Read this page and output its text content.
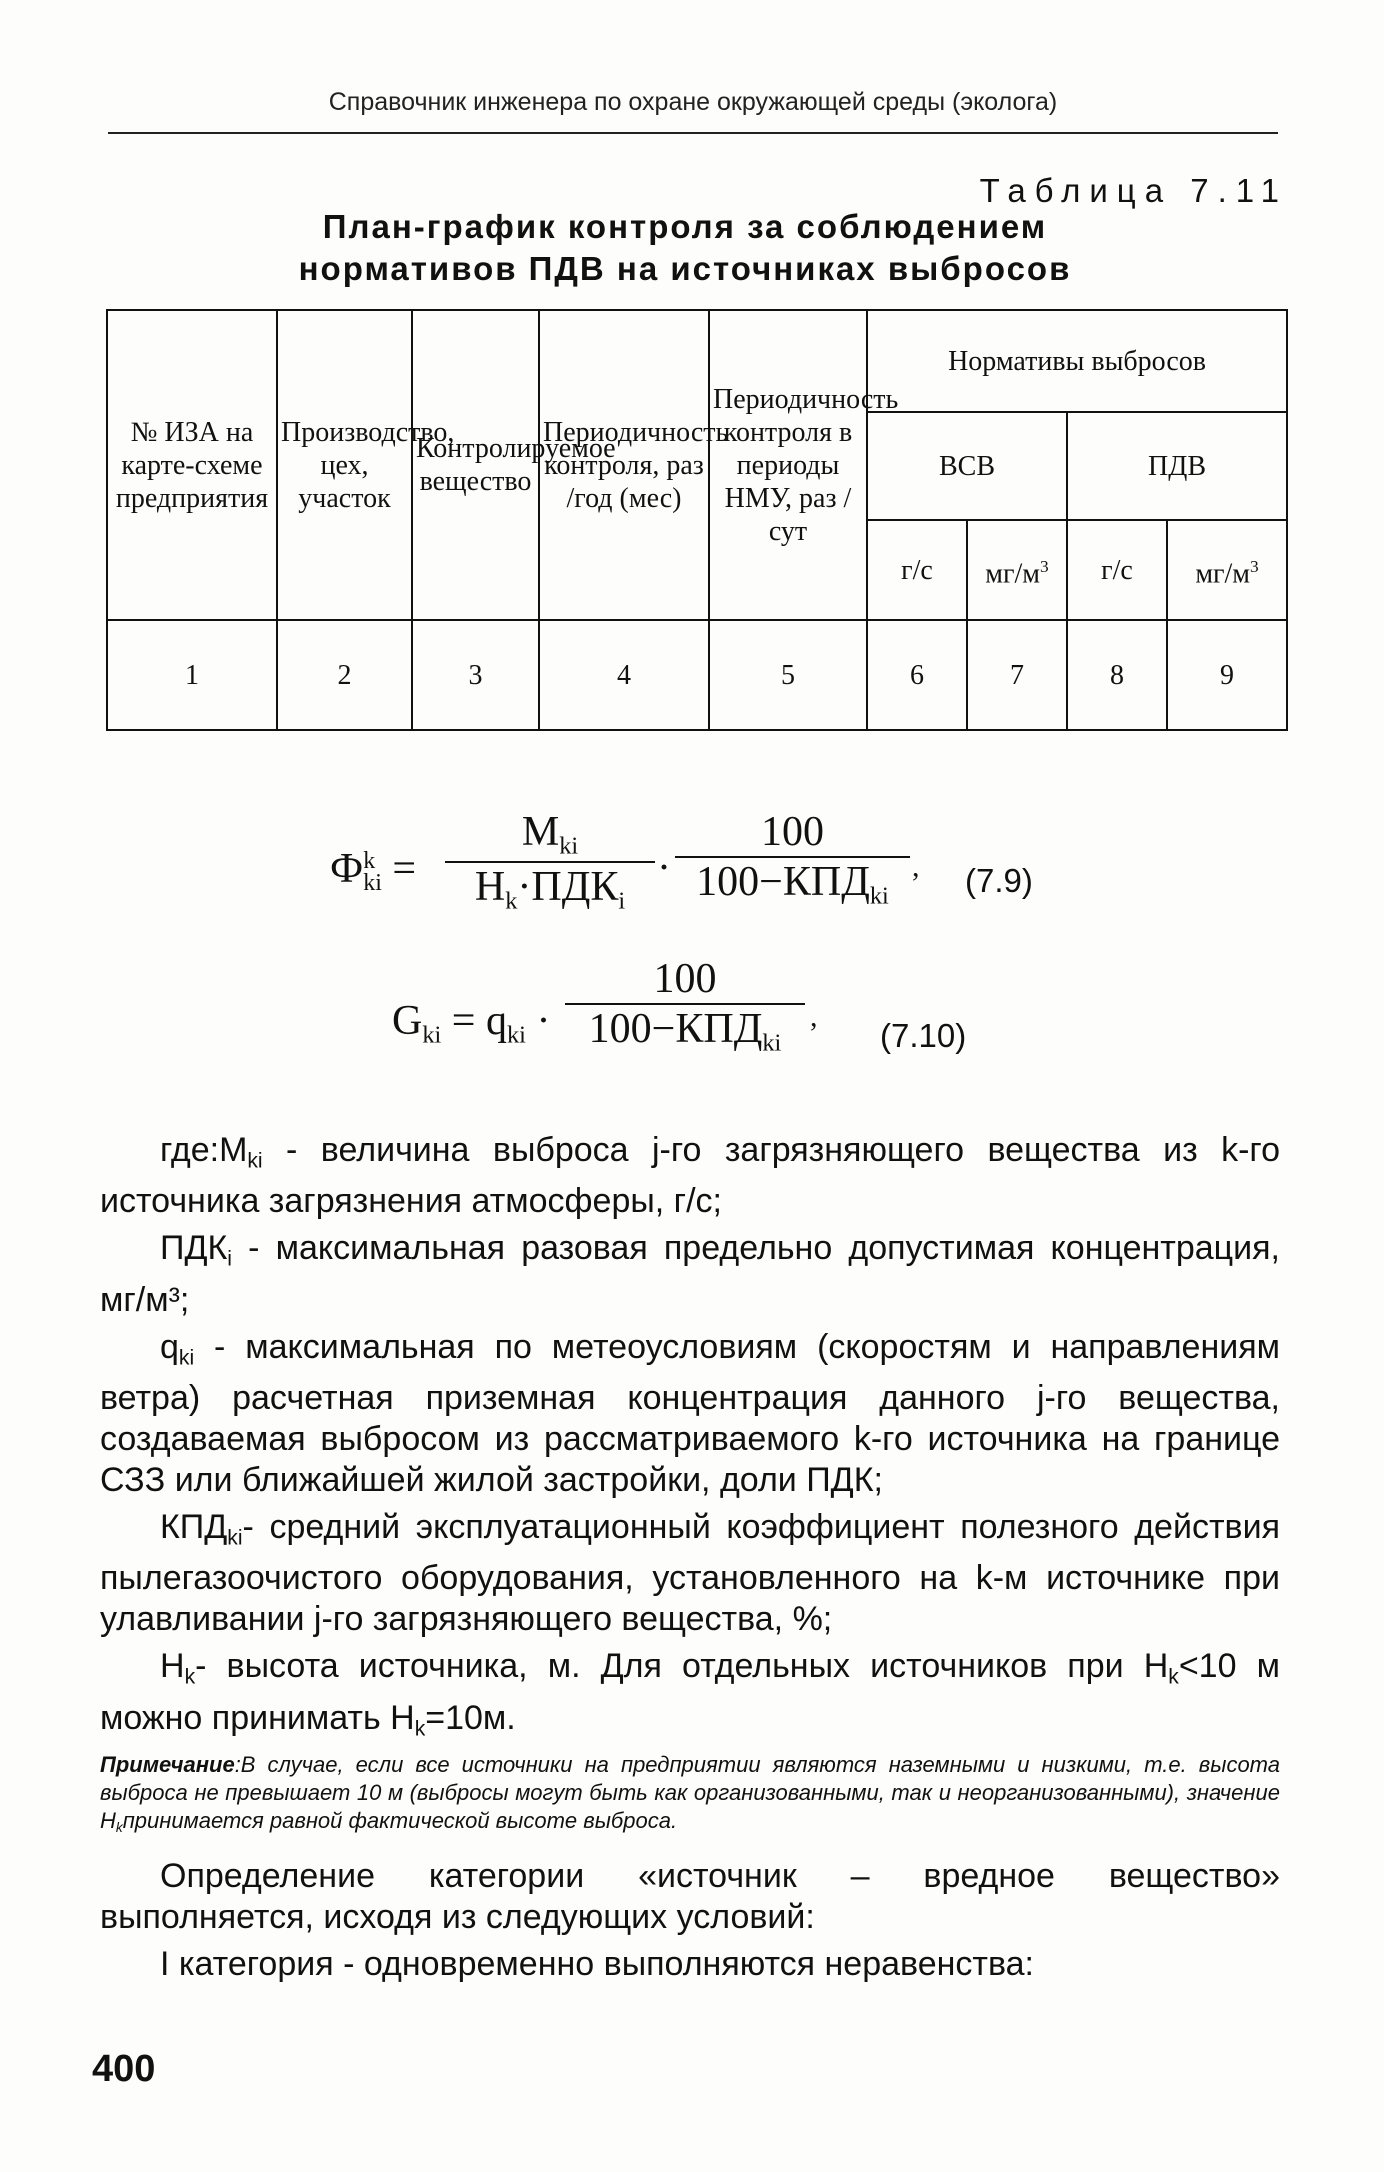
Справочник инженера по охране окружающей среды (эколога)
Таблица 7.11
План-график контроля за соблюдением
нормативов ПДВ на источниках выбросов
№ ИЗА на карте-схеме предприятия	Производство, цех, участок	Контролируемое вещество	Периодичность контроля, раз /год (мес)	Периодичность контроля в периоды НМУ, раз /сут	Нормативы выбросов			
					ВСВ		ПДВ	
					г/с	$мг/м^3$	г/с	$мг/м^3$
1	2	3	4	5	6	7	8	9
Ф k
ki =
$M_{ki}$
$H_k\cdot ПДК_i$
·
100
$100-КПД_{ki}$
, (7.9)
$G_{ki} = q_{ki}$ ·
100
$100-КПД_{ki}$
,
(7.10)

где:Мki - величина выброса j-го загрязняющего вещества из k-го источника загрязнения атмосферы, г/с;

ПДКi - максимальная разовая предельно допустимая концентрация, мг/м³;

qki - максимальная по метеоусловиям (скоростям и направлениям ветра) расчетная приземная концентрация данного j-го вещества, создаваемая выбросом из рассматриваемого k-го источника на границе СЗЗ или ближайшей жилой застройки, доли ПДК;

КПДki- средний эксплуатационный коэффициент полезного действия пылегазоочистого оборудования, установленного на k-м источнике при улавливании j-го загрязняющего вещества, %;

Hk- высота источника, м. Для отдельных источников при Hk<10 м можно принимать Hk=10м.

Примечание:В случае, если все источники на предприятии являются наземными и низкими, т.е. высота выброса не превышает 10 м (выбросы могут быть как организованными, так и неорганизованными), значение Hkпринимается равной фактической высоте выброса.

Определение категории «источник – вредное вещество» выполняется, исходя из следующих условий:

I категория - одновременно выполняются неравенства:

400
